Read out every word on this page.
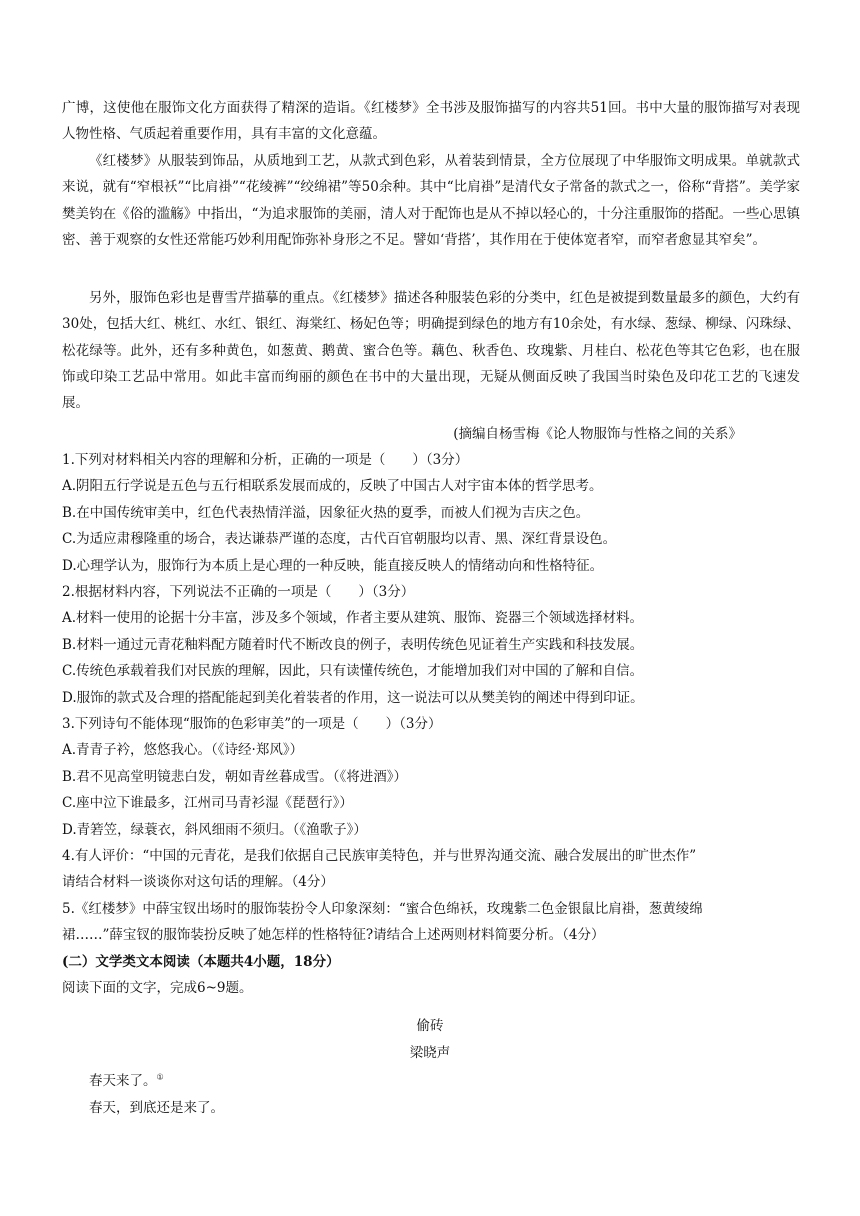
广博，这使他在服饰文化方面获得了精深的造诣。《红楼梦》全书涉及服饰描写的内容共51回。书中大量的服饰描写对表现人物性格、气质起着重要作用，具有丰富的文化意蕴。
《红楼梦》从服装到饰品，从质地到工艺，从款式到色彩，从着装到情景，全方位展现了中华服饰文明成果。单就款式来说，就有“窄根袄”“比肩褂”“花绫裤”“绞绵裙”等50余种。其中“比肩褂”是清代女子常备的款式之一，俗称“背搭”。美学家樊美钧在《俗的滥觞》中指出，“为追求服饰的美丽，清人对于配饰也是从不掉以轻心的，十分注重服饰的搭配。一些心思镇密、善于观察的女性还常能巧妙利用配饰弥补身形之不足。譬如‘背搭’，其作用在于使体宽者窄，而窄者愈显其窄矣”。
另外，服饰色彩也是曹雪芹描摹的重点。《红楼梦》描述各种服装色彩的分类中，红色是被提到数量最多的颜色，大约有30处，包括大红、桃红、水红、银红、海棠红、杨妃色等；明确提到绿色的地方有10余处，有水绿、葱绿、柳绿、闪珠绿、松花绿等。此外，还有多种黄色，如葱黄、鹅黄、蜜合色等。藕色、秋香色、玫瑰紫、月桂白、松花色等其它色彩，也在服饰或印染工艺品中常用。如此丰富而绚丽的颜色在书中的大量出现，无疑从侧面反映了我国当时染色及印花工艺的飞速发展。
(摘编自杨雪梅《论人物服饰与性格之间的关系》
1.下列对材料相关内容的理解和分析，正确的一项是（　　）（3分）
A.阴阳五行学说是五色与五行相联系发展而成的，反映了中国古人对宇宙本体的哲学思考。
B.在中国传统审美中，红色代表热情洋溢，因象征火热的夏季，而被人们视为吉庆之色。
C.为适应肃穆隆重的场合，表达谦恭严谨的态度，古代百官朝服均以青、黑、深红背景设色。
D.心理学认为，服饰行为本质上是心理的一种反映，能直接反映人的情绪动向和性格特征。
2.根据材料内容，下列说法不正确的一项是（　　）（3分）
A.材料一使用的论据十分丰富，涉及多个领域，作者主要从建筑、服饰、瓷器三个领域选择材料。
B.材料一通过元青花釉料配方随着时代不断改良的例子，表明传统色见证着生产实践和科技发展。
C.传统色承载着我们对民族的理解，因此，只有读懂传统色，才能增加我们对中国的了解和自信。
D.服饰的款式及合理的搭配能起到美化着装者的作用，这一说法可以从樊美钧的阐述中得到印证。
3.下列诗句不能体现“服饰的色彩审美”的一项是（　　）（3分）
A.青青子衿，悠悠我心。（《诗经·郑风》）
B.君不见高堂明镜悲白发，朝如青丝暮成雪。（《将进酒》）
C.座中泣下谁最多，江州司马青衫湿《琵琶行》）
D.青箬笠，绿蓑衣，斜风细雨不须归。（《渔歌子》）
4.有人评价：“中国的元青花，是我们依据自己民族审美特色，并与世界沟通交流、融合发展出的旷世杰作”
请结合材料一谈谈你对这句话的理解。（4分）
5.《红楼梦》中薛宝钗出场时的服饰装扮令人印象深刻：“蜜合色绵袄，玫瑰紫二色金银鼠比肩褂，葱黄绫绵
裙……”薛宝钗的服饰装扮反映了她怎样的性格特征?请结合上述两则材料简要分析。（4分）
(二）文学类文本阅读（本题共4小题，18分）
阅读下面的文字，完成6~9题。
偷砖
梁晓声
春天来了。①
春天，到底还是来了。
